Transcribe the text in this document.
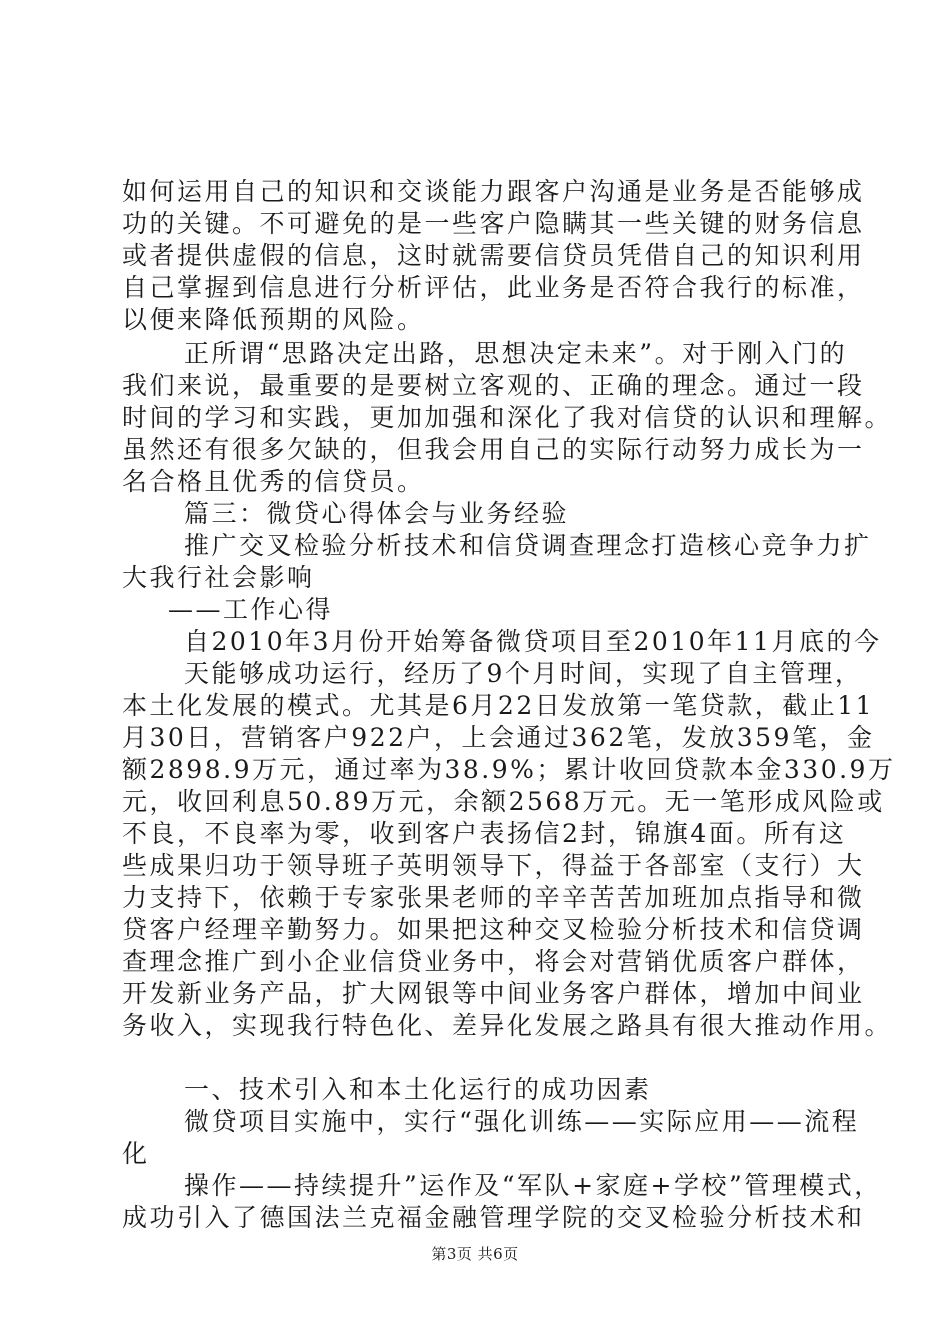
如何运用自己的知识和交谈能力跟客户沟通是业务是否能够成
功的关键。不可避免的是一些客户隐瞒其一些关键的财务信息
或者提供虚假的信息，这时就需要信贷员凭借自己的知识利用
自己掌握到信息进行分析评估，此业务是否符合我行的标准，
以便来降低预期的风险。
正所谓“思路决定出路，思想决定未来”。对于刚入门的
我们来说，最重要的是要树立客观的、正确的理念。通过一段
时间的学习和实践，更加加强和深化了我对信贷的认识和理解。
虽然还有很多欠缺的，但我会用自己的实际行动努力成长为一
名合格且优秀的信贷员。
篇三：微贷心得体会与业务经验
推广交叉检验分析技术和信贷调查理念打造核心竞争力扩
大我行社会影响
——工作心得
自2010年3月份开始筹备微贷项目至2010年11月底的今
天能够成功运行，经历了9个月时间，实现了自主管理，
本土化发展的模式。尤其是6月22日发放第一笔贷款，截止11
月30日，营销客户922户，上会通过362笔，发放359笔，金
额2898.9万元，通过率为38.9%；累计收回贷款本金330.9万
元，收回利息50.89万元，余额2568万元。无一笔形成风险或
不良，不良率为零，收到客户表扬信2封，锦旗4面。所有这
些成果归功于领导班子英明领导下，得益于各部室（支行）大
力支持下，依赖于专家张果老师的辛辛苦苦加班加点指导和微
贷客户经理辛勤努力。如果把这种交叉检验分析技术和信贷调
查理念推广到小企业信贷业务中，将会对营销优质客户群体，
开发新业务产品，扩大网银等中间业务客户群体，增加中间业
务收入，实现我行特色化、差异化发展之路具有很大推动作用。
一、技术引入和本土化运行的成功因素
微贷项目实施中，实行“强化训练——实际应用——流程
化
操作——持续提升”运作及“军队+家庭+学校”管理模式，
成功引入了德国法兰克福金融管理学院的交叉检验分析技术和
第3页 共6页
